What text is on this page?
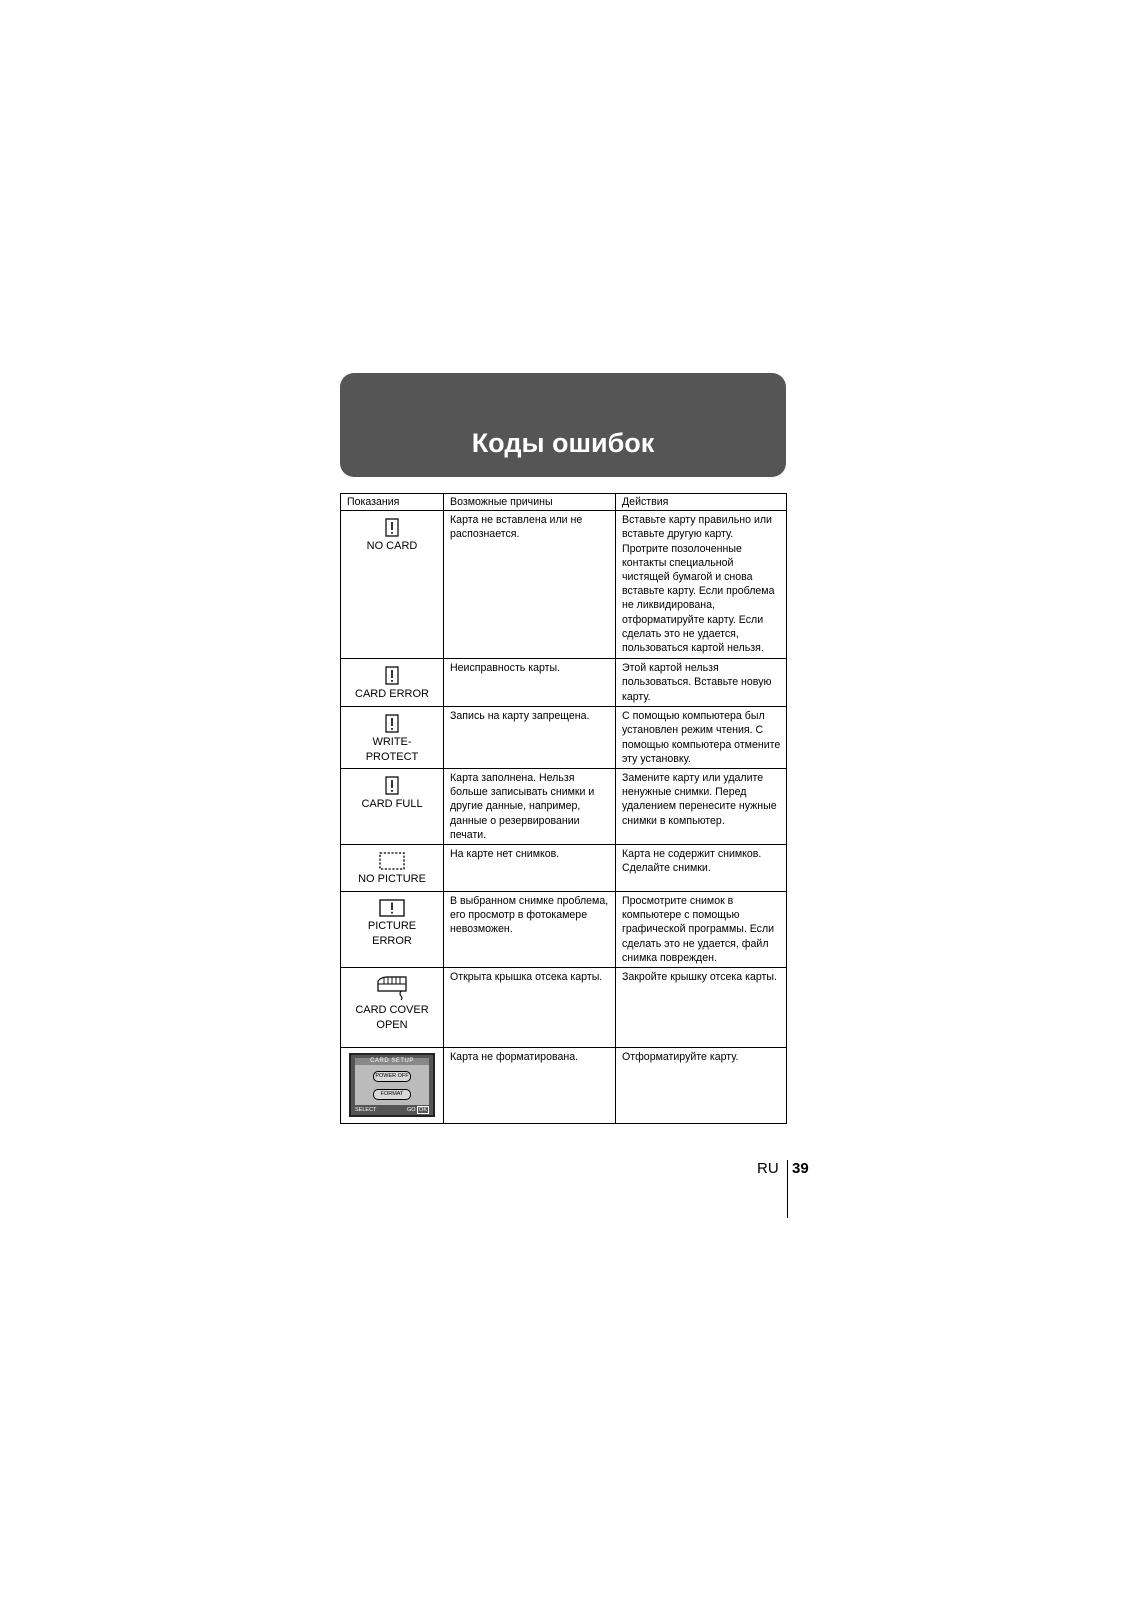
Коды ошибок
Показания	Возможные причины	Действия

NO CARD	Карта не вставлена или не распознается.	Вставьте карту правильно или вставьте другую карту. Протрите позолоченные контакты специальной чистящей бумагой и снова вставьте карту. Если проблема не ликвидирована, отформатируйте карту. Если сделать это не удается, пользоваться картой нельзя.

CARD ERROR	Неисправность карты.	Этой картой нельзя пользоваться. Вставьте новую карту.

WRITE-PROTECT	Запись на карту запрещена.	С помощью компьютера был установлен режим чтения. С помощью компьютера отмените эту установку.

CARD FULL	Карта заполнена. Нельзя больше записывать снимки и другие данные, например, данные о резервировании печати.	Замените карту или удалите ненужные снимки. Перед удалением перенесите нужные снимки в компьютер.

NO PICTURE	На карте нет снимков.	Карта не содержит снимков. Сделайте снимки.

PICTURE ERROR	В выбранном снимке проблема, его просмотр в фотокамере невозможен.	Просмотрите снимок в компьютере с помощью графической программы. Если сделать это не удается, файл снимка поврежден.

CARD COVER OPEN	Открыта крышка отсека карты.	Закройте крышку отсека карты.

CARD SETUP
POWER OFF
FORMAT
SELECT GO OK	Карта не форматирована.	Отформатируйте карту.
RU 39
